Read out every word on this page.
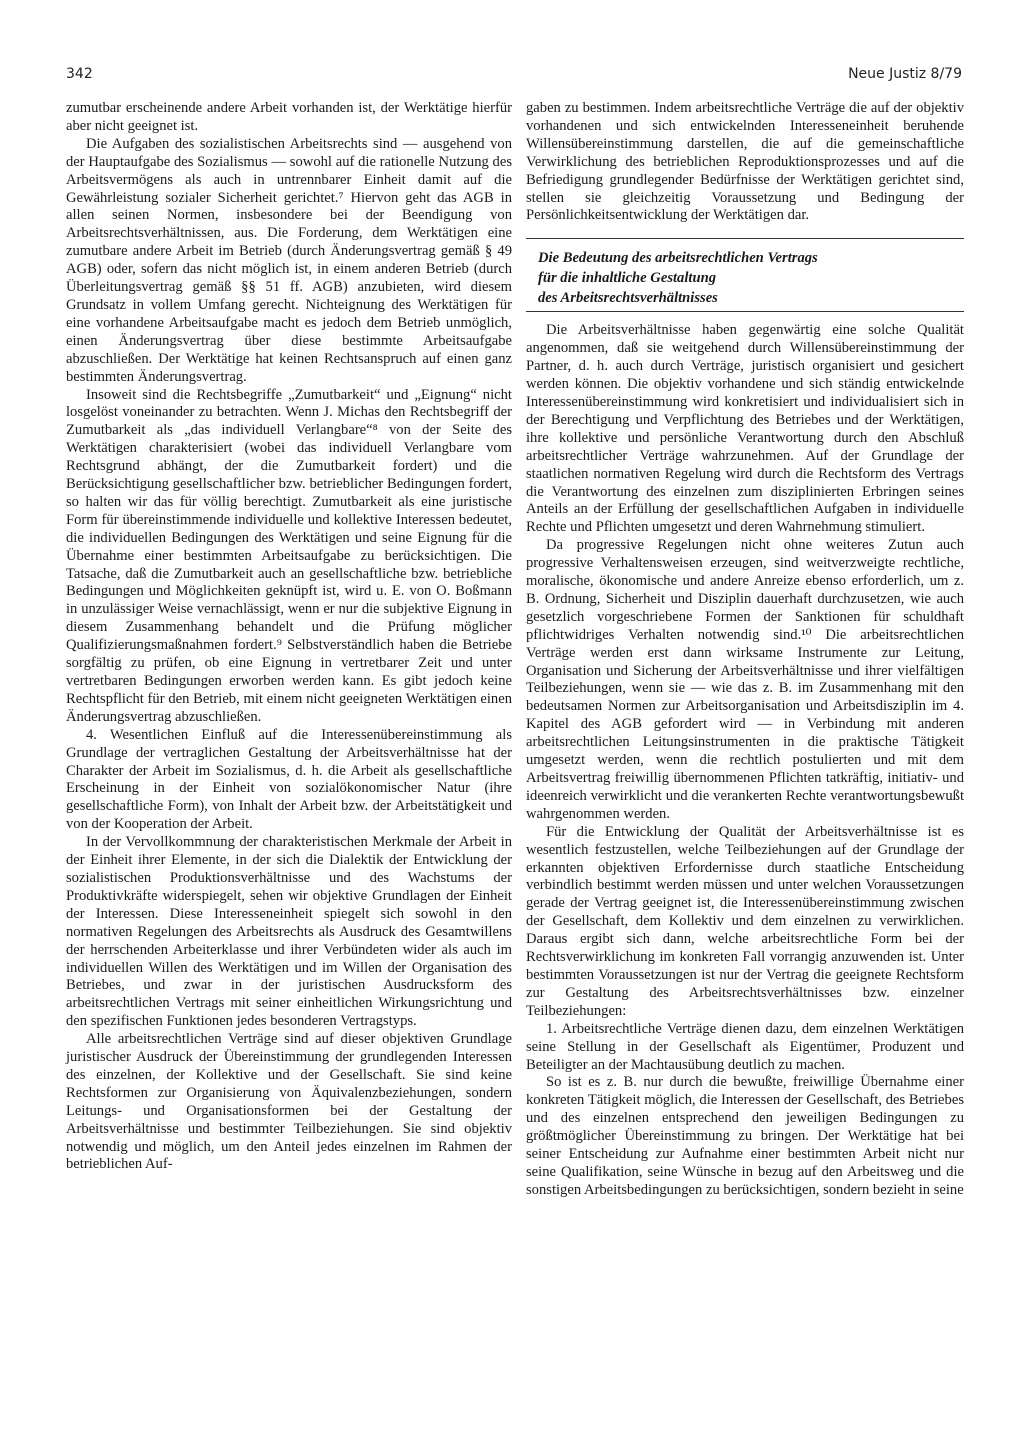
342	Neue Justiz 8/79

zumutbar erscheinende andere Arbeit vorhanden ist, der Werktätige hierfür aber nicht geeignet ist.

Die Aufgaben des sozialistischen Arbeitsrechts sind — ausgehend von der Hauptaufgabe des Sozialismus — sowohl auf die rationelle Nutzung des Arbeitsvermögens als auch in untrennbarer Einheit damit auf die Gewährleistung sozialer Sicherheit gerichtet.⁷ Hiervon geht das AGB in allen seinen Normen, insbesondere bei der Beendigung von Arbeitsrechtsverhältnissen, aus. Die Forderung, dem Werktätigen eine zumutbare andere Arbeit im Betrieb (durch Änderungsvertrag gemäß § 49 AGB) oder, sofern das nicht möglich ist, in einem anderen Betrieb (durch Überleitungsvertrag gemäß §§ 51 ff. AGB) anzubieten, wird diesem Grundsatz in vollem Umfang gerecht. Nichteignung des Werktätigen für eine vorhandene Arbeitsaufgabe macht es jedoch dem Betrieb unmöglich, einen Änderungsvertrag über diese bestimmte Arbeitsaufgabe abzuschließen. Der Werktätige hat keinen Rechtsanspruch auf einen ganz bestimmten Änderungsvertrag.

Insoweit sind die Rechtsbegriffe „Zumutbarkeit“ und „Eignung“ nicht losgelöst voneinander zu betrachten. Wenn J. Michas den Rechtsbegriff der Zumutbarkeit als „das individuell Verlangbare“⁸ von der Seite des Werktätigen charakterisiert (wobei das individuell Verlangbare vom Rechtsgrund abhängt, der die Zumutbarkeit fordert) und die Berücksichtigung gesellschaftlicher bzw. betrieblicher Bedingungen fordert, so halten wir das für völlig berechtigt. Zumutbarkeit als eine juristische Form für übereinstimmende individuelle und kollektive Interessen bedeutet, die individuellen Bedingungen des Werktätigen und seine Eignung für die Übernahme einer bestimmten Arbeitsaufgabe zu berücksichtigen. Die Tatsache, daß die Zumutbarkeit auch an gesellschaftliche bzw. betriebliche Bedingungen und Möglichkeiten geknüpft ist, wird u. E. von O. Boßmann in unzulässiger Weise vernachlässigt, wenn er nur die subjektive Eignung in diesem Zusammenhang behandelt und die Prüfung möglicher Qualifizierungsmaßnahmen fordert.⁹ Selbstverständlich haben die Betriebe sorgfältig zu prüfen, ob eine Eignung in vertretbarer Zeit und unter vertretbaren Bedingungen erworben werden kann. Es gibt jedoch keine Rechtspflicht für den Betrieb, mit einem nicht geeigneten Werktätigen einen Änderungsvertrag abzuschließen.

4. Wesentlichen Einfluß auf die Interessenübereinstimmung als Grundlage der vertraglichen Gestaltung der Arbeitsverhältnisse hat der Charakter der Arbeit im Sozialismus, d. h. die Arbeit als gesellschaftliche Erscheinung in der Einheit von sozialökonomischer Natur (ihre gesellschaftliche Form), von Inhalt der Arbeit bzw. der Arbeitstätigkeit und von der Kooperation der Arbeit.

In der Vervollkommnung der charakteristischen Merkmale der Arbeit in der Einheit ihrer Elemente, in der sich die Dialektik der Entwicklung der sozialistischen Produktionsverhältnisse und des Wachstums der Produktivkräfte widerspiegelt, sehen wir objektive Grundlagen der Einheit der Interessen. Diese Interesseneinheit spiegelt sich sowohl in den normativen Regelungen des Arbeitsrechts als Ausdruck des Gesamtwillens der herrschenden Arbeiterklasse und ihrer Verbündeten wider als auch im individuellen Willen des Werktätigen und im Willen der Organisation des Betriebes, und zwar in der juristischen Ausdrucksform des arbeitsrechtlichen Vertrags mit seiner einheitlichen Wirkungsrichtung und den spezifischen Funktionen jedes besonderen Vertragstyps.

Alle arbeitsrechtlichen Verträge sind auf dieser objektiven Grundlage juristischer Ausdruck der Übereinstimmung der grundlegenden Interessen des einzelnen, der Kollektive und der Gesellschaft. Sie sind keine Rechtsformen zur Organisierung von Äquivalenzbeziehungen, sondern Leitungs- und Organisationsformen bei der Gestaltung der Arbeitsverhältnisse und bestimmter Teilbeziehungen. Sie sind objektiv notwendig und möglich, um den Anteil jedes einzelnen im Rahmen der betrieblichen Auf-

gaben zu bestimmen. Indem arbeitsrechtliche Verträge die auf der objektiv vorhandenen und sich entwickelnden Interesseneinheit beruhende Willensübereinstimmung darstellen, die auf die gemeinschaftliche Verwirklichung des betrieblichen Reproduktionsprozesses und auf die Befriedigung grundlegender Bedürfnisse der Werktätigen gerichtet sind, stellen sie gleichzeitig Voraussetzung und Bedingung der Persönlichkeitsentwicklung der Werktätigen dar.

Die Bedeutung des arbeitsrechtlichen Vertrags
für die inhaltliche Gestaltung
des Arbeitsrechtsverhältnisses

Die Arbeitsverhältnisse haben gegenwärtig eine solche Qualität angenommen, daß sie weitgehend durch Willensübereinstimmung der Partner, d. h. auch durch Verträge, juristisch organisiert und gesichert werden können. Die objektiv vorhandene und sich ständig entwickelnde Interessenübereinstimmung wird konkretisiert und individualisiert sich in der Berechtigung und Verpflichtung des Betriebes und der Werktätigen, ihre kollektive und persönliche Verantwortung durch den Abschluß arbeitsrechtlicher Verträge wahrzunehmen. Auf der Grundlage der staatlichen normativen Regelung wird durch die Rechtsform des Vertrags die Verantwortung des einzelnen zum disziplinierten Erbringen seines Anteils an der Erfüllung der gesellschaftlichen Aufgaben in individuelle Rechte und Pflichten umgesetzt und deren Wahrnehmung stimuliert.

Da progressive Regelungen nicht ohne weiteres Zutun auch progressive Verhaltensweisen erzeugen, sind weitverzweigte rechtliche, moralische, ökonomische und andere Anreize ebenso erforderlich, um z. B. Ordnung, Sicherheit und Disziplin dauerhaft durchzusetzen, wie auch gesetzlich vorgeschriebene Formen der Sanktionen für schuldhaft pflichtwidriges Verhalten notwendig sind.¹⁰ Die arbeitsrechtlichen Verträge werden erst dann wirksame Instrumente zur Leitung, Organisation und Sicherung der Arbeitsverhältnisse und ihrer vielfältigen Teilbeziehungen, wenn sie — wie das z. B. im Zusammenhang mit den bedeutsamen Normen zur Arbeitsorganisation und Arbeitsdisziplin im 4. Kapitel des AGB gefordert wird — in Verbindung mit anderen arbeitsrechtlichen Leitungsinstrumenten in die praktische Tätigkeit umgesetzt werden, wenn die rechtlich postulierten und mit dem Arbeitsvertrag freiwillig übernommenen Pflichten tatkräftig, initiativ- und ideenreich verwirklicht und die verankerten Rechte verantwortungsbewußt wahrgenommen werden.

Für die Entwicklung der Qualität der Arbeitsverhältnisse ist es wesentlich festzustellen, welche Teilbeziehungen auf der Grundlage der erkannten objektiven Erfordernisse durch staatliche Entscheidung verbindlich bestimmt werden müssen und unter welchen Voraussetzungen gerade der Vertrag geeignet ist, die Interessenübereinstimmung zwischen der Gesellschaft, dem Kollektiv und dem einzelnen zu verwirklichen. Daraus ergibt sich dann, welche arbeitsrechtliche Form bei der Rechtsverwirklichung im konkreten Fall vorrangig anzuwenden ist. Unter bestimmten Voraussetzungen ist nur der Vertrag die geeignete Rechtsform zur Gestaltung des Arbeitsrechtsverhältnisses bzw. einzelner Teilbeziehungen:

1. Arbeitsrechtliche Verträge dienen dazu, dem einzelnen Werktätigen seine Stellung in der Gesellschaft als Eigentümer, Produzent und Beteiligter an der Machtausübung deutlich zu machen.

So ist es z. B. nur durch die bewußte, freiwillige Übernahme einer konkreten Tätigkeit möglich, die Interessen der Gesellschaft, des Betriebes und des einzelnen entsprechend den jeweiligen Bedingungen zu größtmöglicher Übereinstimmung zu bringen. Der Werktätige hat bei seiner Entscheidung zur Aufnahme einer bestimmten Arbeit nicht nur seine Qualifikation, seine Wünsche in bezug auf den Arbeitsweg und die sonstigen Arbeitsbedingungen zu berücksichtigen, sondern bezieht in seine
